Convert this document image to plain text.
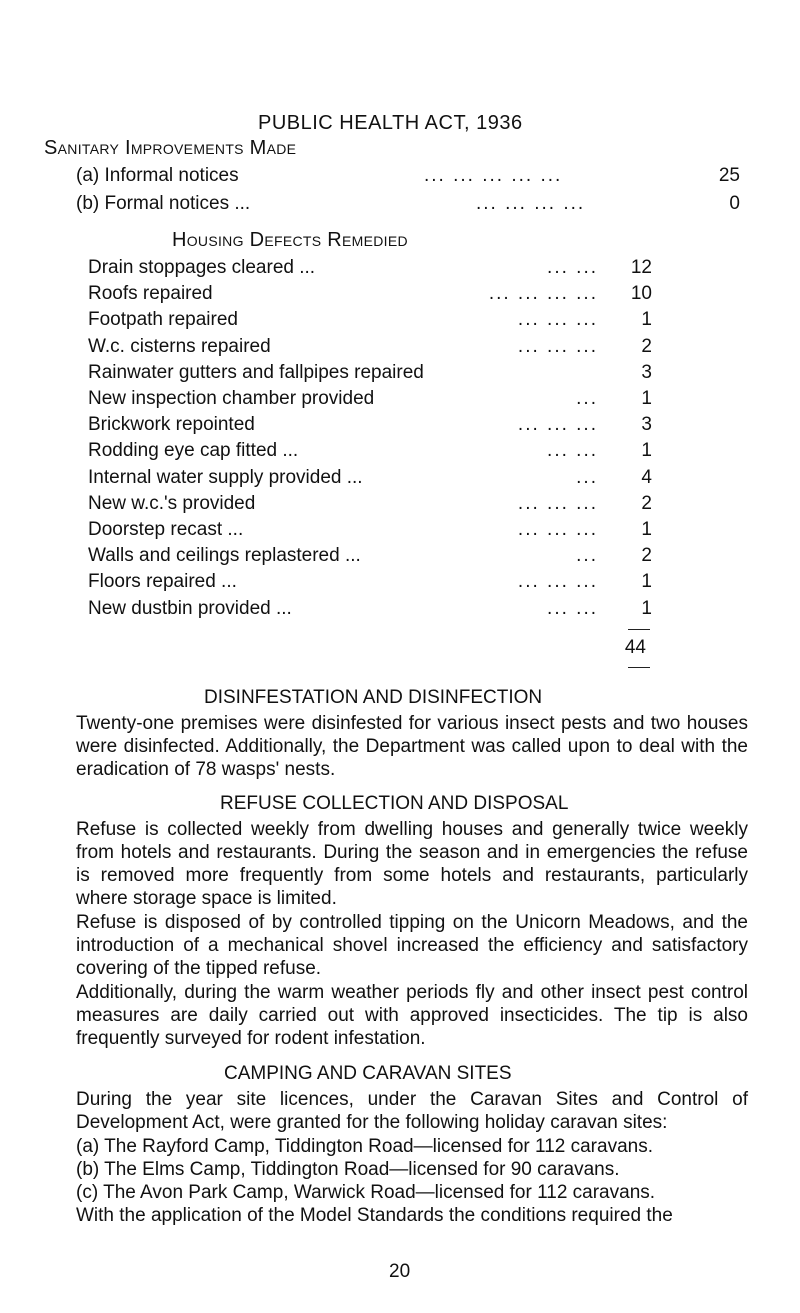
PUBLIC HEALTH ACT, 1936
Sanitary Improvements Made
(a) Informal notices	... ... ... ... ...	25
(b) Formal notices ...	... ... ... ...	0
Housing Defects Remedied
Drain stoppages cleared ...	... ...	12
Roofs repaired	... ... ... ...	10
Footpath repaired	... ... ...	1
W.c. cisterns repaired	... ... ...	2
Rainwater gutters and fallpipes repaired	3
New inspection chamber provided	...	1
Brickwork repointed	... ... ...	3
Rodding eye cap fitted ...	... ...	1
Internal water supply provided ...	...	4
New w.c.'s provided	... ... ...	2
Doorstep recast ...	... ... ...	1
Walls and ceilings replastered ...	...	2
Floors repaired ...	... ... ...	1
New dustbin provided ...	... ...	1
44
DISINFESTATION AND DISINFECTION

Twenty-one premises were disinfested for various insect pests and two houses were disinfected. Additionally, the Department was called upon to deal with the eradication of 78 wasps' nests.

REFUSE COLLECTION AND DISPOSAL

Refuse is collected weekly from dwelling houses and generally twice weekly from hotels and restaurants. During the season and in emergencies the refuse is removed more frequently from some hotels and restaurants, particularly where storage space is limited.

Refuse is disposed of by controlled tipping on the Unicorn Meadows, and the introduction of a mechanical shovel increased the efficiency and satisfactory covering of the tipped refuse.

Additionally, during the warm weather periods fly and other insect pest control measures are daily carried out with approved insecticides. The tip is also frequently surveyed for rodent infestation.

CAMPING AND CARAVAN SITES

During the year site licences, under the Caravan Sites and Control of Development Act, were granted for the following holiday caravan sites:

(a) The Rayford Camp, Tiddington Road—licensed for 112 caravans.
(b) The Elms Camp, Tiddington Road—licensed for 90 caravans.
(c) The Avon Park Camp, Warwick Road—licensed for 112 caravans.

With the application of the Model Standards the conditions required the

20
